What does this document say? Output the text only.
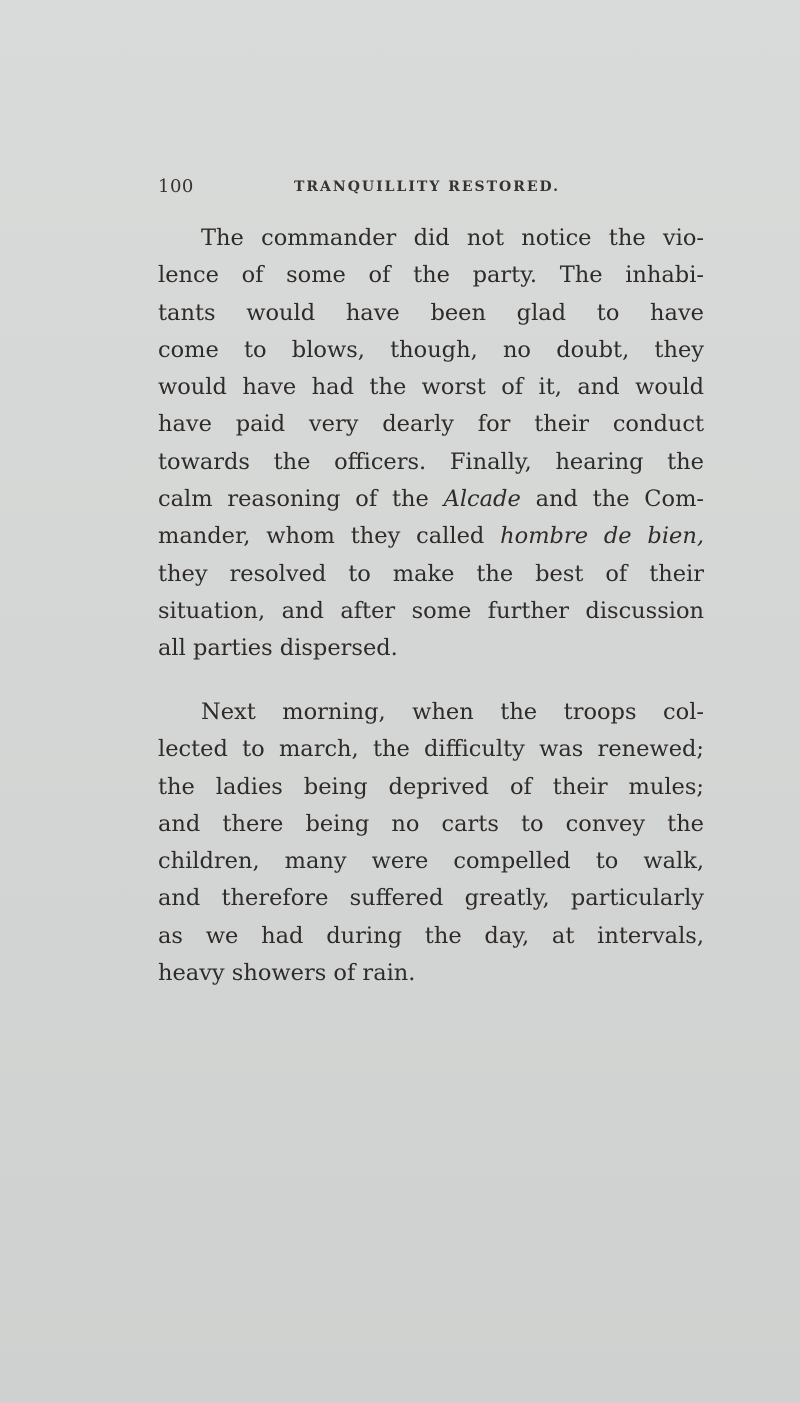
100	TRANQUILLITY RESTORED.
The commander did not notice the vio-
lence of some of the party. The inhabi-
tants would have been glad to have
come to blows, though, no doubt, they
would have had the worst of it, and would
have paid very dearly for their conduct
towards the officers. Finally, hearing the
calm reasoning of the Alcade and the Com-
mander, whom they called hombre de bien,
they resolved to make the best of their
situation, and after some further discussion
all parties dispersed.
Next morning, when the troops col-
lected to march, the difficulty was renewed;
the ladies being deprived of their mules;
and there being no carts to convey the
children, many were compelled to walk,
and therefore suffered greatly, particularly
as we had during the day, at intervals,
heavy showers of rain.
